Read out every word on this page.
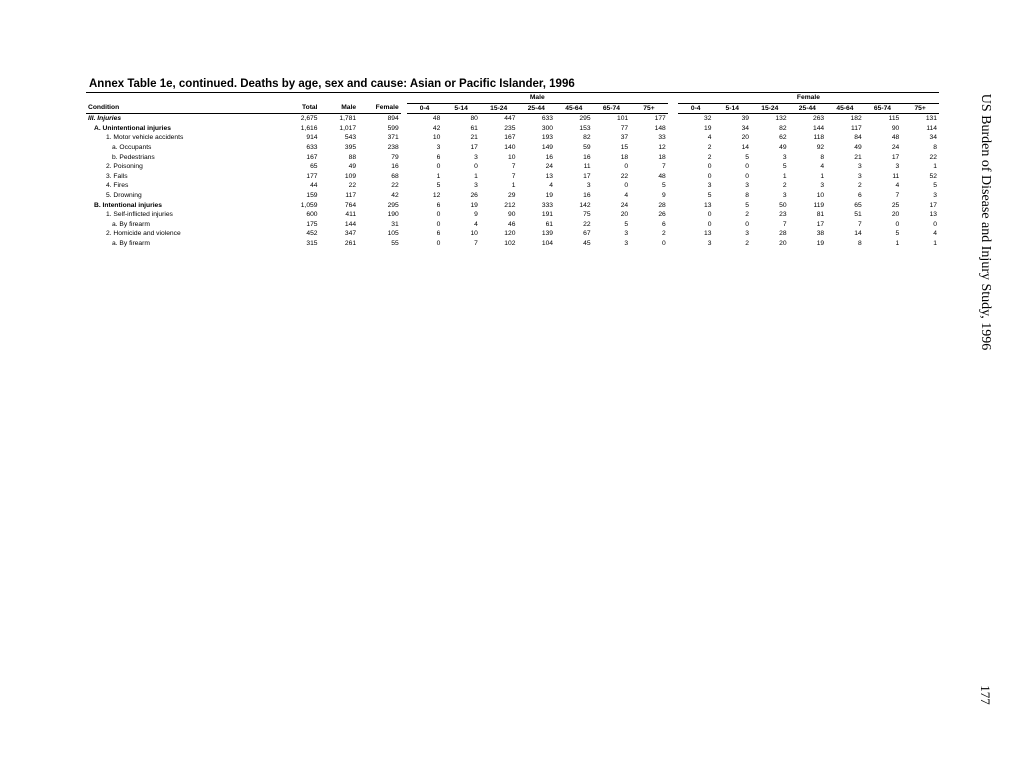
Annex Table 1e, continued. Deaths by age, sex and cause: Asian or Pacific Islander, 1996
					Male								Female						
Condition	Total	Male	Female		0-4	5-14	15-24	25-44	45-64	65-74	75+		0-4	5-14	15-24	25-44	45-64	65-74	75+
III. Injuries	2,675	1,781	894		48	80	447	633	295	101	177		32	39	132	263	182	115	131
A. Unintentional injuries	1,616	1,017	599		42	61	235	300	153	77	148		19	34	82	144	117	90	114
1. Motor vehicle accidents	914	543	371		10	21	167	193	82	37	33		4	20	62	118	84	48	34
a. Occupants	633	395	238		3	17	140	149	59	15	12		2	14	49	92	49	24	8
b. Pedestrians	167	88	79		6	3	10	16	16	18	18		2	5	3	8	21	17	22
2. Poisoning	65	49	16		0	0	7	24	11	0	7		0	0	5	4	3	3	1
3. Falls	177	109	68		1	1	7	13	17	22	48		0	0	1	1	3	11	52
4. Fires	44	22	22		5	3	1	4	3	0	5		3	3	2	3	2	4	5
5. Drowning	159	117	42		12	26	29	19	16	4	9		5	8	3	10	6	7	3
B. Intentional injuries	1,059	764	295		6	19	212	333	142	24	28		13	5	50	119	65	25	17
1. Self-inflicted injuries	600	411	190		0	9	90	191	75	20	26		0	2	23	81	51	20	13
a. By firearm	175	144	31		0	4	46	61	22	5	6		0	0	7	17	7	0	0
2. Homicide and violence	452	347	105		6	10	120	139	67	3	2		13	3	28	38	14	5	4
a. By firearm	315	261	55		0	7	102	104	45	3	0		3	2	20	19	8	1	1	US Burden of Disease and Injury Study, 1996
177
